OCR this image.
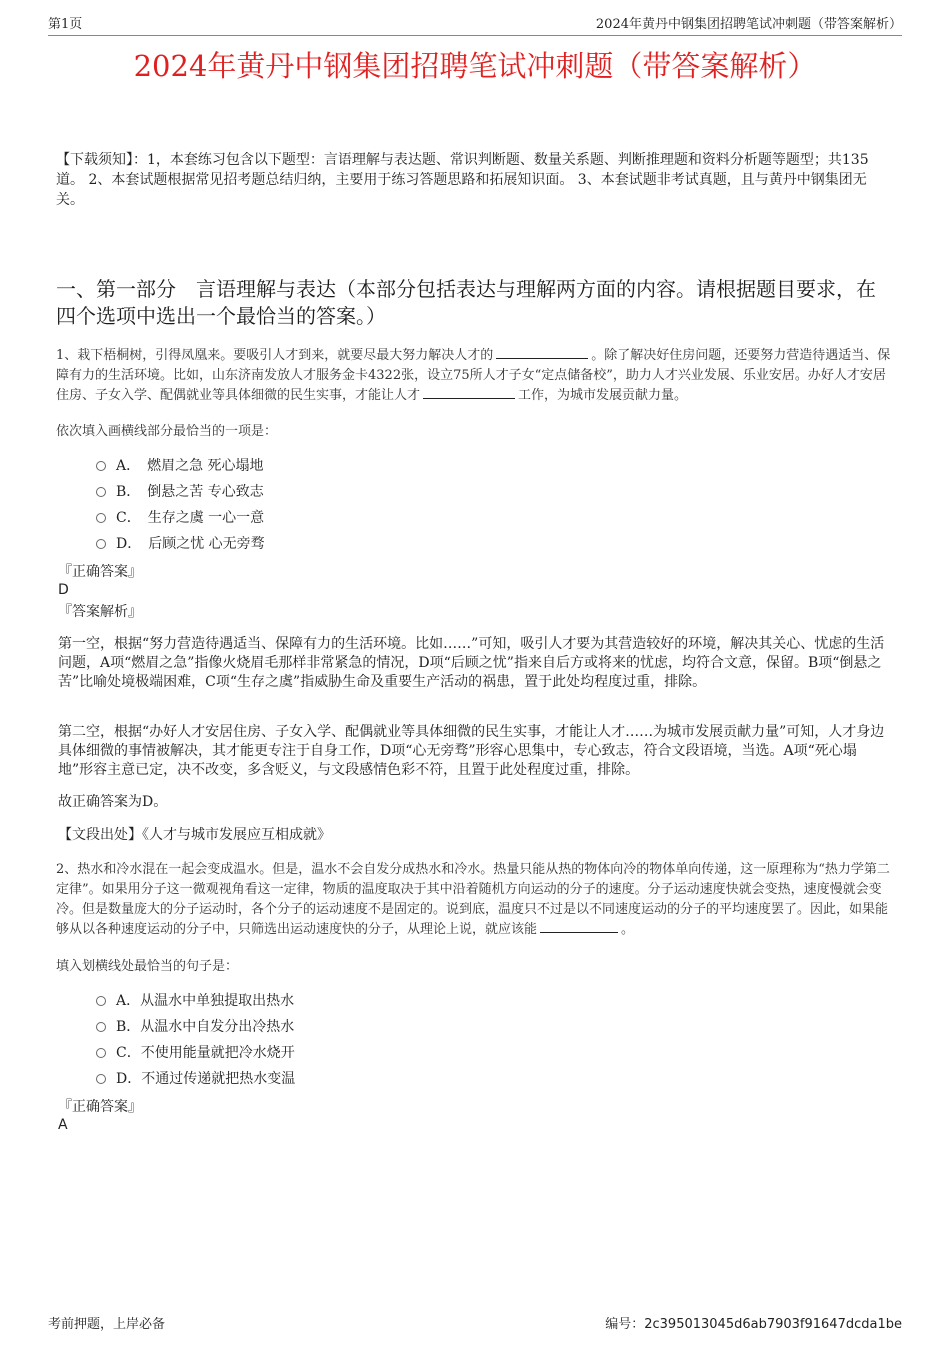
第1页	2024年黄丹中钢集团招聘笔试冲刺题（带答案解析）
2024年黄丹中钢集团招聘笔试冲刺题（带答案解析）
【下载须知】：1，本套练习包含以下题型：言语理解与表达题、常识判断题、数量关系题、判断推理题和资料分析题等题型；共135道。 2、本套试题根据常见招考题总结归纳，主要用于练习答题思路和拓展知识面。 3、本套试题非考试真题，且与黄丹中钢集团无关。
一、第一部分　言语理解与表达（本部分包括表达与理解两方面的内容。请根据题目要求，在四个选项中选出一个最恰当的答案。）
1、栽下梧桐树，引得凤凰来。要吸引人才到来，就要尽最大努力解决人才的	。除了解决好住房问题，还要努力营造待遇适当、保障有力的生活环境。比如，山东济南发放人才服务金卡4322张，设立75所人才子女“定点储备校”，助力人才兴业发展、乐业安居。办好人才安居住房、子女入学、配偶就业等具体细微的民生实事，才能让人才	工作，为城市发展贡献力量。
依次填入画横线部分最恰当的一项是：
A．　燃眉之急 死心塌地
B．　倒悬之苦 专心致志
C．　生存之虞 一心一意
D．　后顾之忧 心无旁骛
『正确答案』
D
『答案解析』
第一空，根据“努力营造待遇适当、保障有力的生活环境。比如……”可知，吸引人才要为其营造较好的环境，解决其关心、忧虑的生活问题，A项“燃眉之急”指像火烧眉毛那样非常紧急的情况，D项“后顾之忧”指来自后方或将来的忧虑，均符合文意，保留。B项“倒悬之苦”比喻处境极端困难，C项“生存之虞”指威胁生命及重要生产活动的祸患，置于此处均程度过重，排除。
第二空，根据“办好人才安居住房、子女入学、配偶就业等具体细微的民生实事，才能让人才……为城市发展贡献力量”可知，人才身边具体细微的事情被解决，其才能更专注于自身工作，D项“心无旁骛”形容心思集中，专心致志，符合文段语境，当选。A项“死心塌地”形容主意已定，决不改变，多含贬义，与文段感情色彩不符，且置于此处程度过重，排除。
故正确答案为D。
【文段出处】《人才与城市发展应互相成就》
2、热水和冷水混在一起会变成温水。但是，温水不会自发分成热水和冷水。热量只能从热的物体向冷的物体单向传递，这一原理称为“热力学第二定律”。如果用分子这一微观视角看这一定律，物质的温度取决于其中沿着随机方向运动的分子的速度。分子运动速度快就会变热，速度慢就会变冷。但是数量庞大的分子运动时，各个分子的运动速度不是固定的。说到底，温度只不过是以不同速度运动的分子的平均速度罢了。因此，如果能够从以各种速度运动的分子中，只筛选出运动速度快的分子，从理论上说，就应该能	。
填入划横线处最恰当的句子是：
A．从温水中单独提取出热水
B．从温水中自发分出冷热水
C．不使用能量就把冷水烧开
D．不通过传递就把热水变温
『正确答案』
A
考前押题，上岸必备	编号：2c395013045d6ab7903f91647dcda1be
